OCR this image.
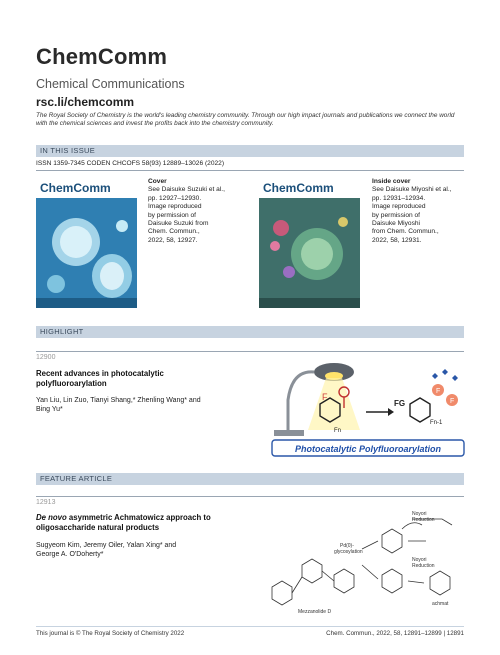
ChemComm
Chemical Communications
rsc.li/chemcomm
The Royal Society of Chemistry is the world's leading chemistry community. Through our high impact journals and publications we connect the world with the chemical sciences and invest the profits back into the chemistry community.
IN THIS ISSUE
ISSN 1359-7345 CODEN CHCOFS 58(93) 12889–13026 (2022)
ChemComm	Cover
See Daisuke Suzuki et al.,
pp. 12927–12930.
Image reproduced
by permission of
Daisuke Suzuki from
Chem. Commun.,
2022, 58, 12927.
ChemComm	Inside cover
See Daisuke Miyoshi et al.,
pp. 12931–12934.
Image reproduced
by permission of
Daisuke Miyoshi
from Chem. Commun.,
2022, 58, 12931.
HIGHLIGHT
12900
Recent advances in photocatalytic
polyfluoroarylation
Yan Liu, Lin Zuo, Tianyi Shang,* Zhenling Wang* and
Bing Yu*
F
Fn
FG
Fn-1
F
F
Photocatalytic Polyfluoroarylation
FEATURE ARTICLE
12913
De novo asymmetric Achmatowicz approach to
oligosaccharide natural products
Sugyeom Kim, Jeremy Oiler, Yalan Xing* and
George A. O'Doherty*
Noyori
Reduction
Pd(0)-
glycosylation
Noyori
Reduction
Mezzanolide D
achmat
This journal is © The Royal Society of Chemistry 2022	Chem. Commun., 2022, 58, 12891–12899 | 12891
